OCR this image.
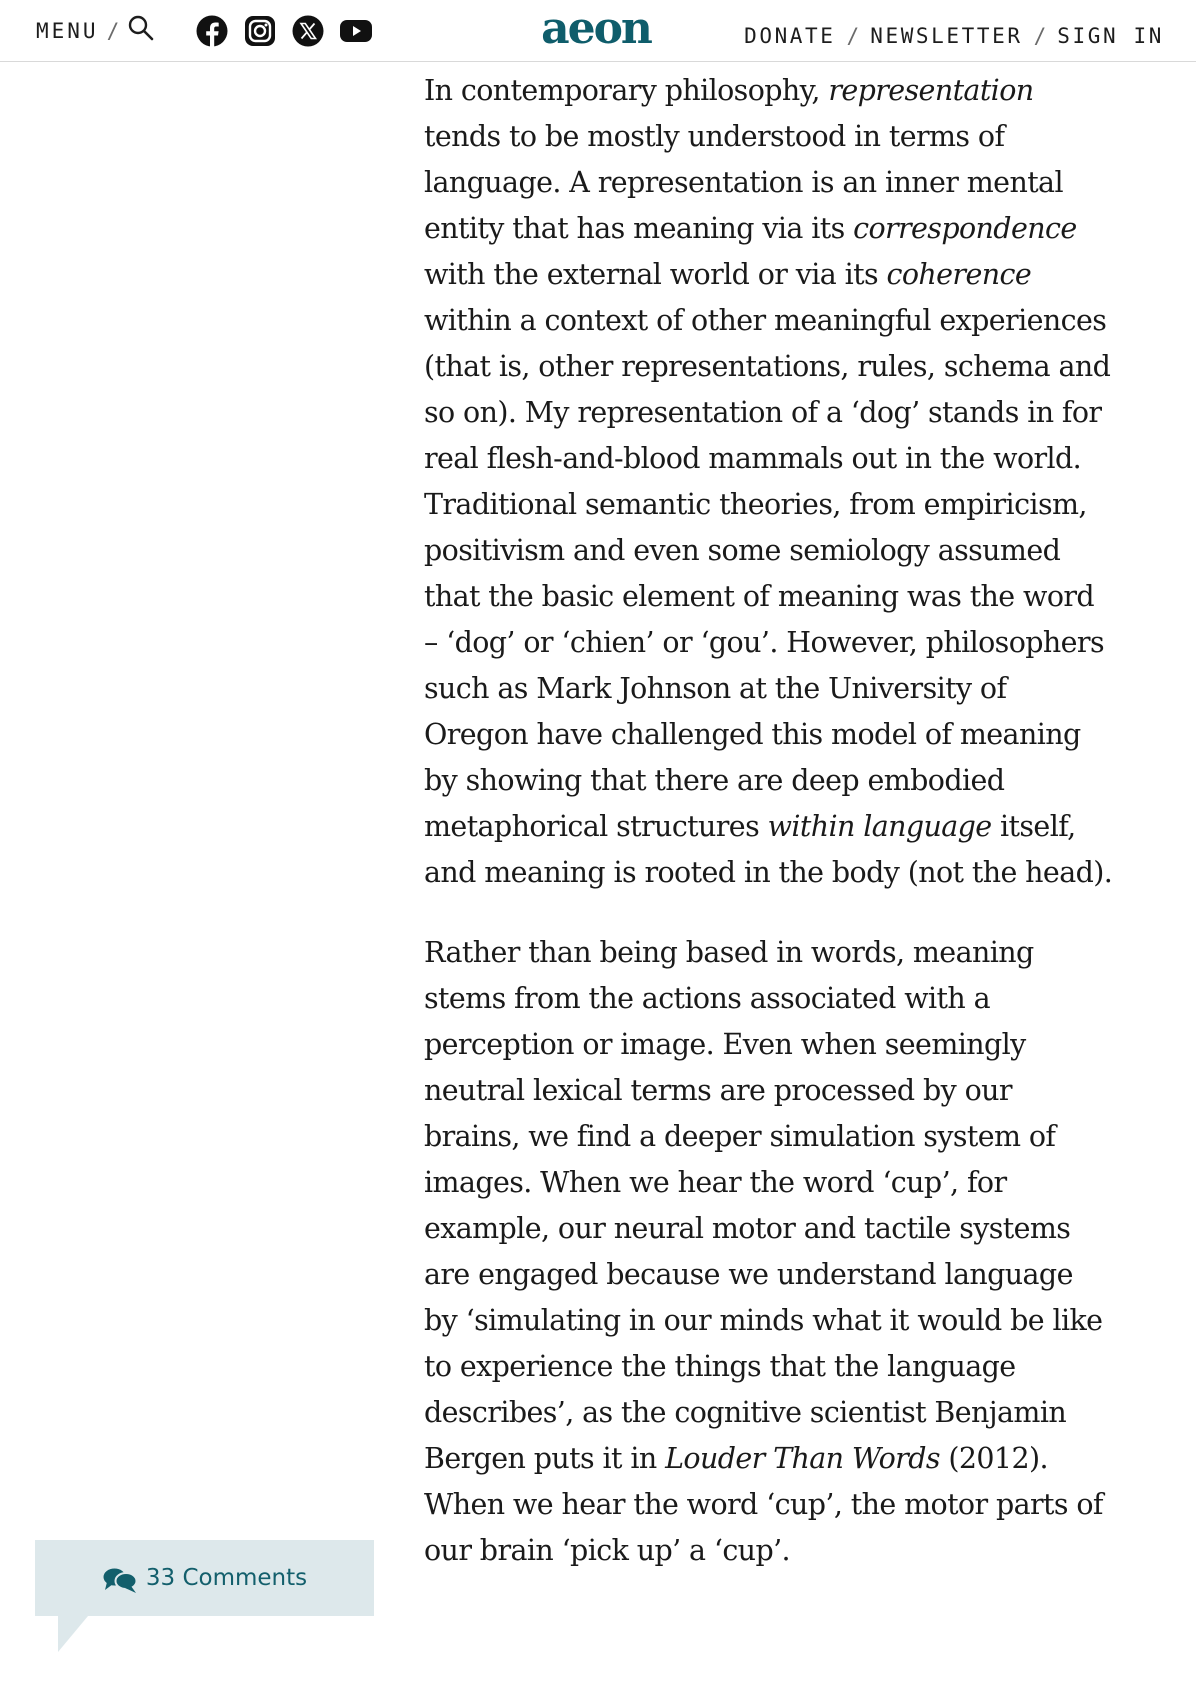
MENU /	aeon	DONATE / NEWSLETTER / SIGN IN

In contemporary philosophy, representation tends to be mostly understood in terms of language. A representation is an inner mental entity that has meaning via its correspondence with the external world or via its coherence within a context of other meaningful experiences (that is, other representations, rules, schema and so on). My representation of a ‘dog’ stands in for real flesh-and-blood mammals out in the world. Traditional semantic theories, from empiricism, positivism and even some semiology assumed that the basic element of meaning was the word – ‘dog’ or ‘chien’ or ‘gou’. However, philosophers such as Mark Johnson at the University of Oregon have challenged this model of meaning by showing that there are deep embodied metaphorical structures within language itself, and meaning is rooted in the body (not the head).

Rather than being based in words, meaning stems from the actions associated with a perception or image. Even when seemingly neutral lexical terms are processed by our brains, we find a deeper simulation system of images. When we hear the word ‘cup’, for example, our neural motor and tactile systems are engaged because we understand language by ‘simulating in our minds what it would be like to experience the things that the language describes’, as the cognitive scientist Benjamin Bergen puts it in Louder Than Words (2012). When we hear the word ‘cup’, the motor parts of our brain ‘pick up’ a ‘cup’.

33 Comments
